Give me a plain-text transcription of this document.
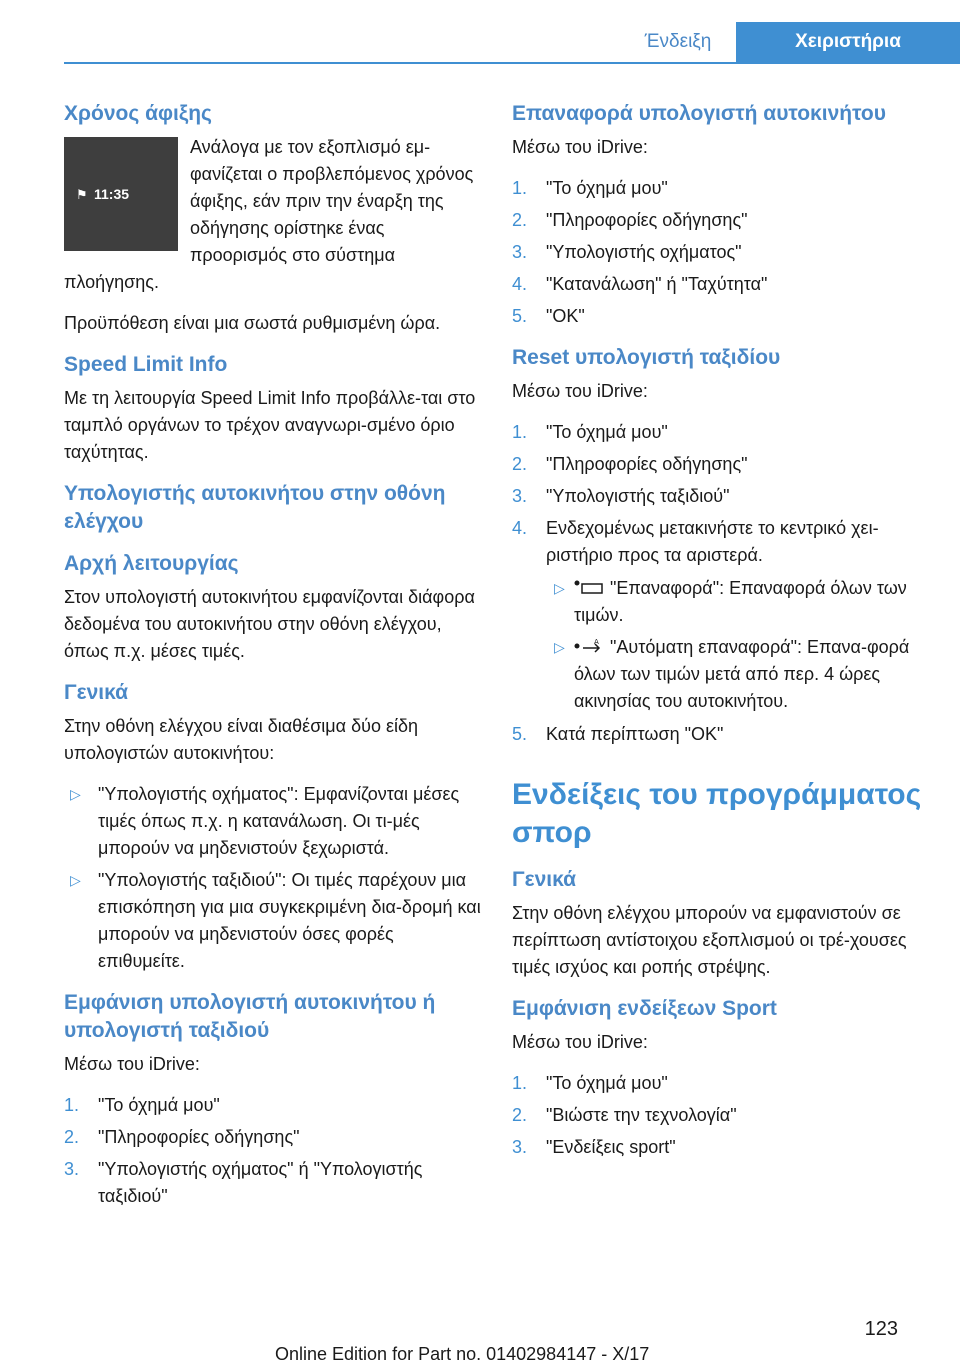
Ένδειξη	Χειριστήρια
Χρόνος άφιξης
⚑ 11:35

Ανάλογα με τον εξοπλισμό εμ-φανίζεται ο προβλεπόμενος χρόνος άφιξης, εάν πριν την έναρξη της οδήγησης ορίστηκε ένας προορισμός στο σύστημα πλοήγησης.

Προϋπόθεση είναι μια σωστά ρυθμισμένη ώρα.

Speed Limit Info

Με τη λειτουργία Speed Limit Info προβάλλε-ται στο ταμπλό οργάνων το τρέχον αναγνωρι-σμένο όριο ταχύτητας.

Υπολογιστής αυτοκινήτου στην οθόνη ελέγχου
Αρχή λειτουργίας

Στον υπολογιστή αυτοκινήτου εμφανίζονται διάφορα δεδομένα του αυτοκινήτου στην οθόνη ελέγχου, όπως π.χ. μέσες τιμές.

Γενικά

Στην οθόνη ελέγχου είναι διαθέσιμα δύο είδη υπολογιστών αυτοκινήτου:

▷ "Υπολογιστής οχήματος": Εμφανίζονται μέσες τιμές όπως π.χ. η κατανάλωση. Οι τι-μές μπορούν να μηδενιστούν ξεχωριστά.
▷ "Υπολογιστής ταξιδιού": Οι τιμές παρέχουν μια επισκόπηση για μια συγκεκριμένη δια-δρομή και μπορούν να μηδενιστούν όσες φορές επιθυμείτε.
Εμφάνιση υπολογιστή αυτοκινήτου ή υπολογιστή ταξιδιού

Μέσω του iDrive:

1. "Το όχημά μου"
2. "Πληροφορίες οδήγησης"
3. "Υπολογιστής οχήματος" ή "Υπολογιστής ταξιδιού"
Επαναφορά υπολογιστή αυτοκινήτου

Μέσω του iDrive:

1. "Το όχημά μου"
2. "Πληροφορίες οδήγησης"
3. "Υπολογιστής οχήματος"
4. "Κατανάλωση" ή "Ταχύτητα"
5. "OK"
Reset υπολογιστή ταξιδίου

Μέσω του iDrive:

1. "Το όχημά μου"
2. "Πληροφορίες οδήγησης"
3. "Υπολογιστής ταξιδιού"
4. Ενδεχομένως μετακινήστε το κεντρικό χει-ριστήριο προς τα αριστερά.
▷	"Επαναφορά": Επαναφορά όλων των τιμών.
▷	A "Αυτόματη επαναφορά": Επανα-φορά όλων των τιμών μετά από περ. 4 ώρες ακινησίας του αυτοκινήτου.
5. Κατά περίπτωση "OK"
Ενδείξεις του προγράμματος σπορ
Γενικά

Στην οθόνη ελέγχου μπορούν να εμφανιστούν σε περίπτωση αντίστοιχου εξοπλισμού οι τρέ-χουσες τιμές ισχύος και ροπής στρέψης.

Εμφάνιση ενδείξεων Sport

Μέσω του iDrive:

1. "Το όχημά μου"
2. "Βιώστε την τεχνολογία"
3. "Ενδείξεις sport"
123
Online Edition for Part no. 01402984147 - X/17
